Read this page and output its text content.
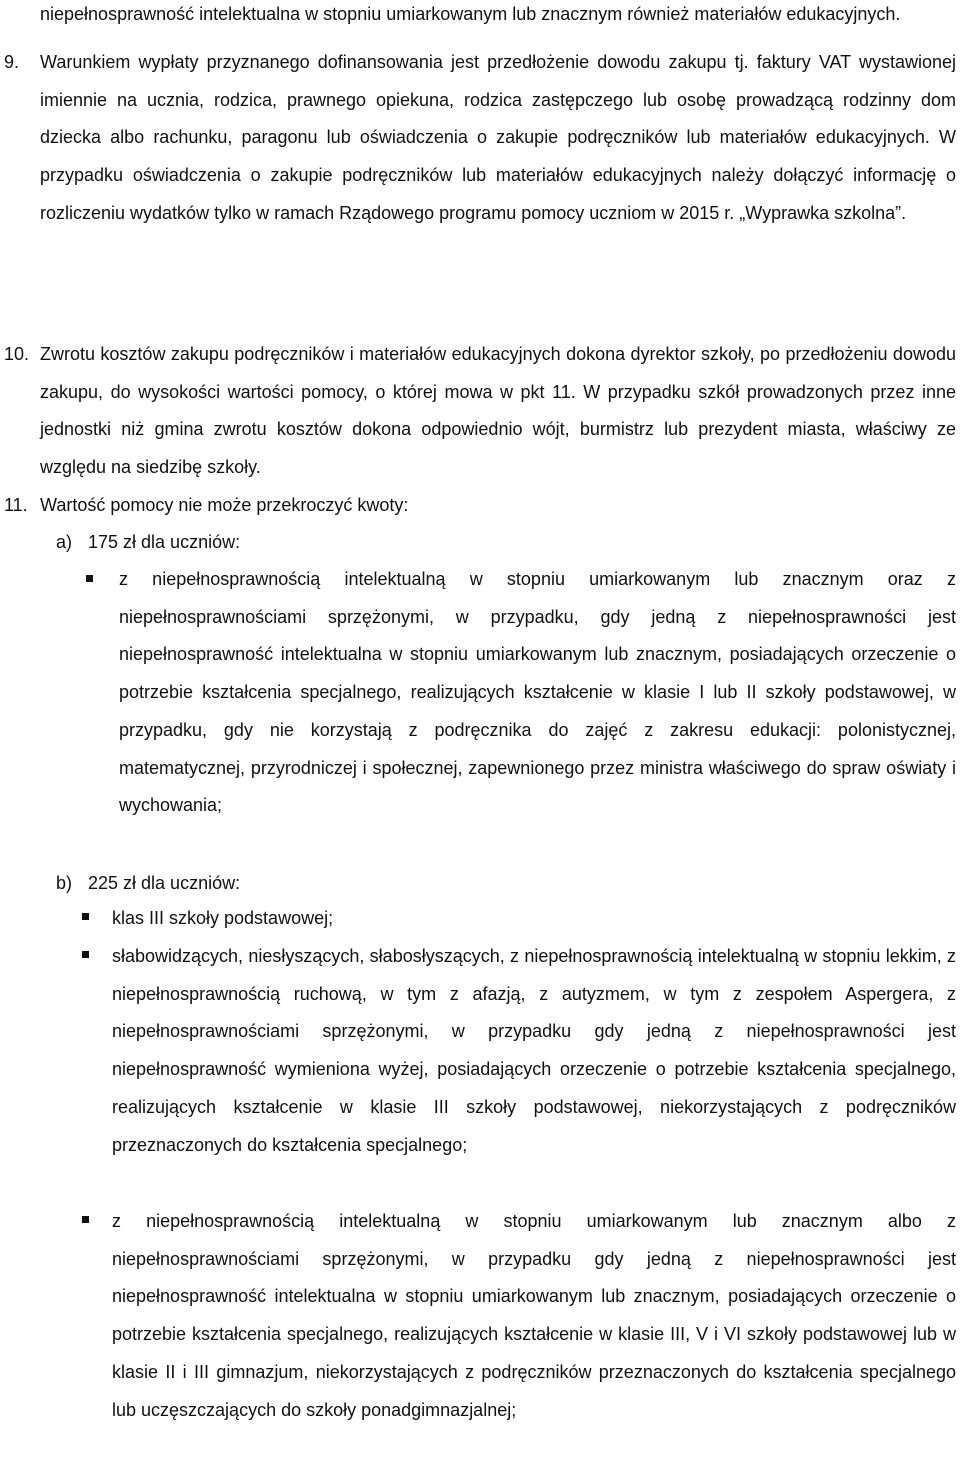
niepełnosprawność intelektualna w stopniu umiarkowanym lub znacznym również materiałów edukacyjnych.

9. Warunkiem wypłaty przyznanego dofinansowania jest przedłożenie dowodu zakupu tj. faktury VAT wystawionej imiennie na ucznia, rodzica, prawnego opiekuna, rodzica zastępczego lub osobę prowadzącą rodzinny dom dziecka albo rachunku, paragonu lub oświadczenia o zakupie podręczników lub materiałów edukacyjnych. W przypadku oświadczenia o zakupie podręczników lub materiałów edukacyjnych należy dołączyć informację o rozliczeniu wydatków tylko w ramach Rządowego programu pomocy uczniom w 2015 r. „Wyprawka szkolna”.

10. Zwrotu kosztów zakupu podręczników i materiałów edukacyjnych dokona dyrektor szkoły, po przedłożeniu dowodu zakupu, do wysokości wartości pomocy, o której mowa w pkt 11. W przypadku szkół prowadzonych przez inne jednostki niż gmina zwrotu kosztów dokona odpowiednio wójt, burmistrz lub prezydent miasta, właściwy ze względu na siedzibę szkoły.

11. Wartość pomocy nie może przekroczyć kwoty:

a) 175 zł dla uczniów:

z niepełnosprawnością intelektualną w stopniu umiarkowanym lub znacznym oraz z niepełnosprawnościami sprzężonymi, w przypadku, gdy jedną z niepełnosprawności jest niepełnosprawność intelektualna w stopniu umiarkowanym lub znacznym, posiadających orzeczenie o potrzebie kształcenia specjalnego, realizujących kształcenie w klasie I lub II szkoły podstawowej, w przypadku, gdy nie korzystają z podręcznika do zajęć z zakresu edukacji: polonistycznej, matematycznej, przyrodniczej i społecznej, zapewnionego przez ministra właściwego do spraw oświaty i wychowania;

b) 225 zł dla uczniów:

klas III szkoły podstawowej;

słabowidzących, niesłyszących, słabosłyszących, z niepełnosprawnością intelektualną w stopniu lekkim, z niepełnosprawnością ruchową, w tym z afazją, z autyzmem, w tym z zespołem Aspergera, z niepełnosprawnościami sprzężonymi, w przypadku gdy jedną z niepełnosprawności jest niepełnosprawność wymieniona wyżej, posiadających orzeczenie o potrzebie kształcenia specjalnego, realizujących kształcenie w klasie III szkoły podstawowej, niekorzystających z podręczników przeznaczonych do kształcenia specjalnego;

z niepełnosprawnością intelektualną w stopniu umiarkowanym lub znacznym albo z niepełnosprawnościami sprzężonymi, w przypadku gdy jedną z niepełnosprawności jest niepełnosprawność intelektualna w stopniu umiarkowanym lub znacznym, posiadających orzeczenie o potrzebie kształcenia specjalnego, realizujących kształcenie w klasie III, V i VI szkoły podstawowej lub w klasie II i III gimnazjum, niekorzystających z podręczników przeznaczonych do kształcenia specjalnego lub uczęszczających do szkoły ponadgimnazjalnej;
